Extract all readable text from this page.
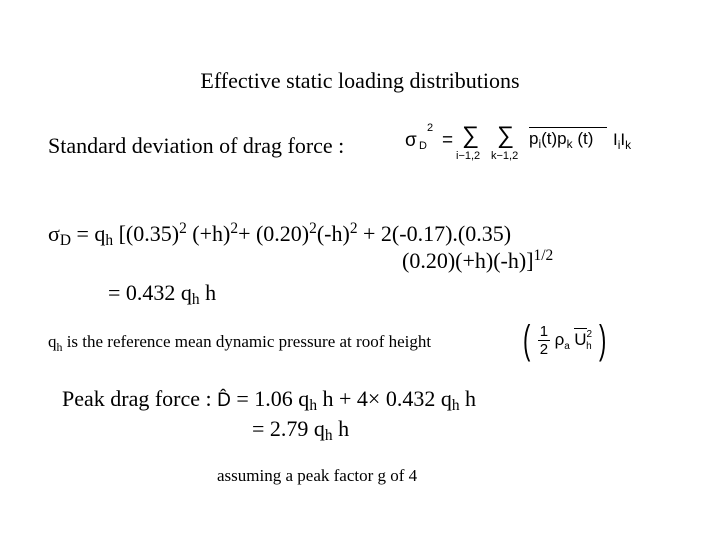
Effective static loading distributions
Standard deviation of drag force :	σ D
2
= ∑
i−1,2
∑
k−1,2
$p_i(t)p_k$ (t)	$I_iI_k$
$\sigma_D = q_h$ [$(0.35)^2$ $(+h)^2+ (0.20)^2(-h)^2 + 2(-0.17).(0.35)$
(0.20)(+h)(-h)]$^{1/2}$
= 0.432 $q_h$ h
$q_h$ is the reference mean dynamic pressure at roof height ( $\frac{1}{2} \rho_a$ $U^2_h$ )
Peak drag force : D̂ = 1.06 $q_h$ h + 4× 0.432 $q_h$ h
= 2.79 $q_h$ h
assuming a peak factor g of 4
